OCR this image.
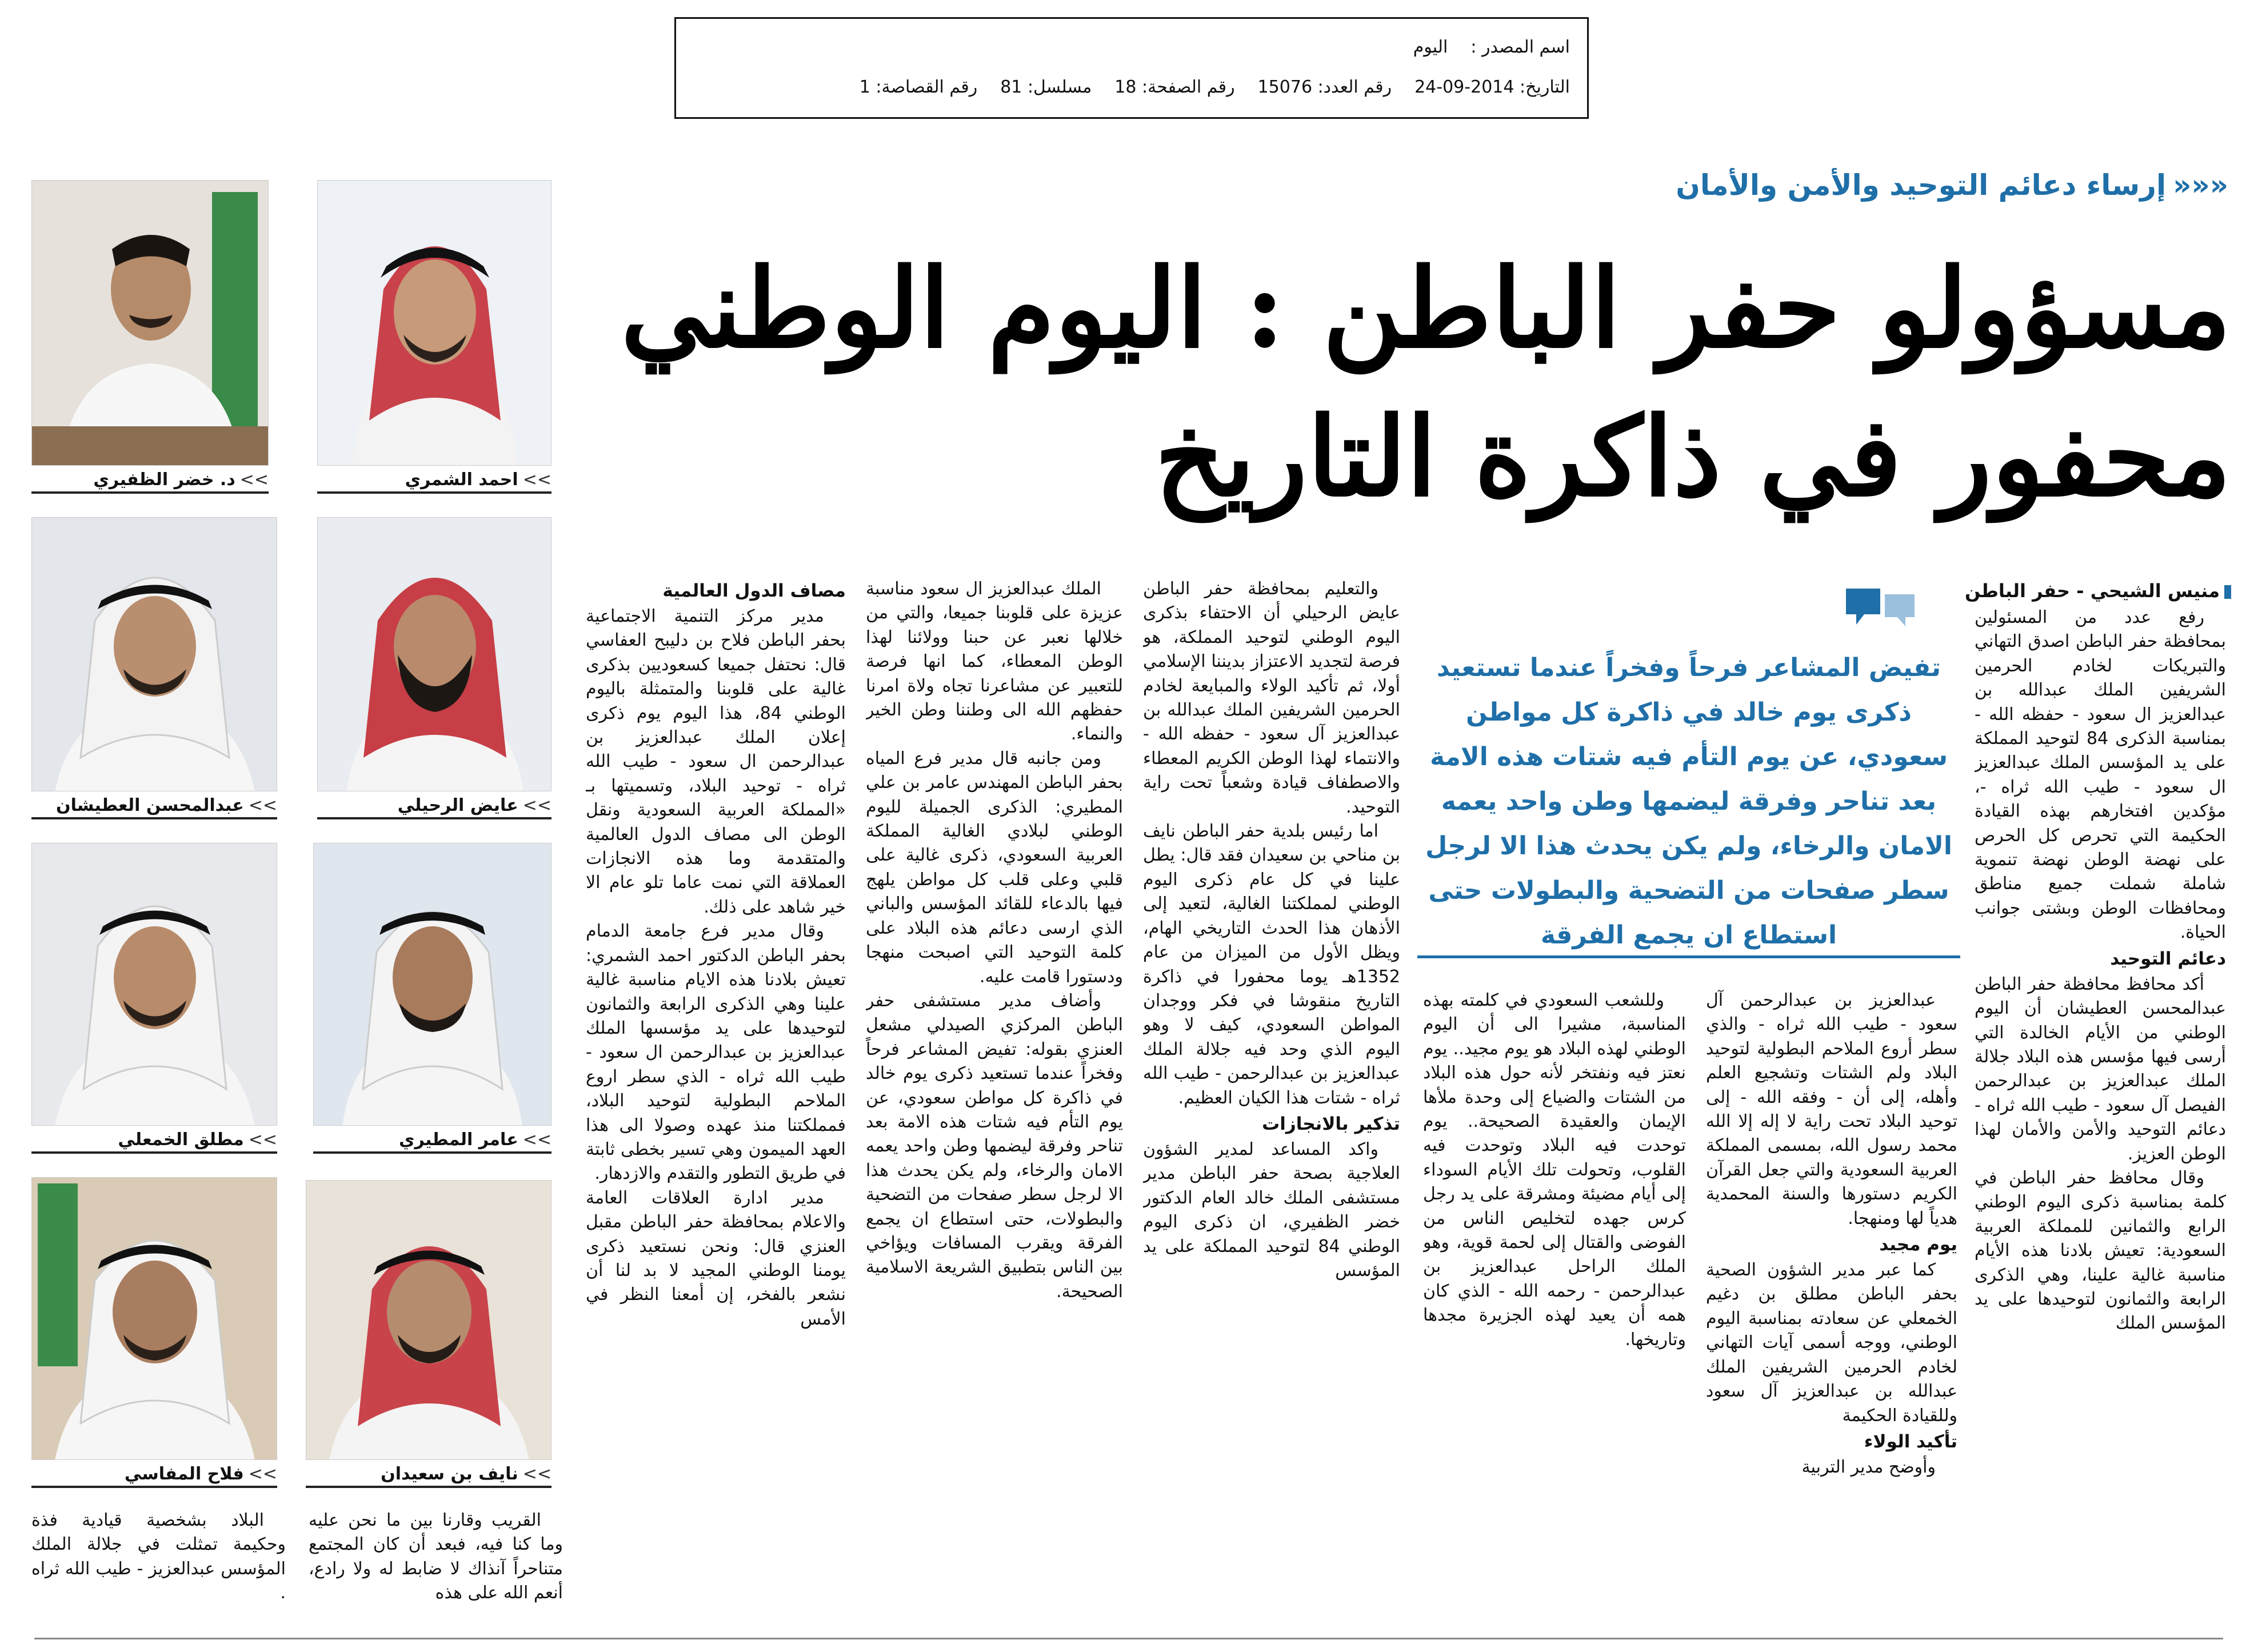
اسم المصدر :
اليوم
التاريخ: 2014-09-24
رقم العدد: 15076
رقم الصفحة: 18
مسلسل: 81
رقم القصاصة: 1
«««إرساء دعائم التوحيد والأمن والأمان
مسؤولو حفر الباطن : اليوم الوطني
محفور في ذاكرة التاريخ
منيس الشيحي - حفر الباطن
تفيض المشاعر فرحاً وفخراً عندما تستعيد ذكرى يوم خالد في ذاكرة كل مواطن سعودي، عن يوم التأم فيه شتات هذه الامة بعد تناحر وفرقة ليضمها وطن واحد يعمه الامان والرخاء، ولم يكن يحدث هذا الا لرجل سطر صفحات من التضحية والبطولات حتى استطاع ان يجمع الفرقة

رفع عدد من المسئولين بمحافظة حفر الباطن اصدق التهاني والتبريكات لخادم الحرمين الشريفين الملك عبدالله بن عبدالعزيز ال سعود - حفظه الله - بمناسبة الذكرى 84 لتوحيد المملكة على يد المؤسس الملك عبدالعزيز ال سعود - طيب الله ثراه -، مؤكدين افتخارهم بهذه القيادة الحكيمة التي تحرص كل الحرص على نهضة الوطن نهضة تنموية شاملة شملت جميع مناطق ومحافظات الوطن وبشتى جوانب الحياة.

دعائم التوحيد

أكد محافظ محافظة حفر الباطن عبدالمحسن العطيشان أن اليوم الوطني من الأيام الخالدة التي أرسى فيها مؤسس هذه البلاد جلالة الملك عبدالعزيز بن عبدالرحمن الفيصل آل سعود - طيب الله ثراه - دعائم التوحيد والأمن والأمان لهذا الوطن العزيز.

وقال محافظ حفر الباطن في كلمة بمناسبة ذكرى اليوم الوطني الرابع والثمانين للمملكة العربية السعودية: تعيش بلادنا هذه الأيام مناسبة غالية علينا، وهي الذكرى الرابعة والثمانون لتوحيدها على يد المؤسس الملك

عبدالعزيز بن عبدالرحمن آل سعود - طيب الله ثراه - والذي سطر أروع الملاحم البطولية لتوحيد البلاد ولم الشتات وتشجيع العلم وأهله، إلى أن - وفقه الله - إلى توحيد البلاد تحت راية لا إله إلا الله محمد رسول الله، بمسمى المملكة العربية السعودية والتي جعل القرآن الكريم دستورها والسنة المحمدية هدياً لها ومنهجا.

يوم مجيد

كما عبر مدير الشؤون الصحية بحفر الباطن مطلق بن دغيم الخمعلي عن سعادته بمناسبة اليوم الوطني، ووجه أسمى آيات التهاني لخادم الحرمين الشريفين الملك عبدالله بن عبدالعزيز آل سعود وللقيادة الحكيمة

تأكيد الولاء

وأوضح مدير التربية

وللشعب السعودي في كلمته بهذه المناسبة، مشيرا الى أن اليوم الوطني لهذه البلاد هو يوم مجيد.. يوم نعتز فيه ونفتخر لأنه حول هذه البلاد من الشتات والضياع إلى وحدة ملأها الإيمان والعقيدة الصحيحة.. يوم توحدت فيه البلاد وتوحدت فيه القلوب، وتحولت تلك الأيام السوداء إلى أيام مضيئة ومشرقة على يد رجل كرس جهده لتخليص الناس من الفوضى والقتال إلى لحمة قوية، وهو الملك الراحل عبدالعزيز بن عبدالرحمن - رحمه الله - الذي كان همه أن يعيد لهذه الجزيرة مجدها وتاريخها.

والتعليم بمحافظة حفر الباطن عايض الرحيلي أن الاحتفاء بذكرى اليوم الوطني لتوحيد المملكة، هو فرصة لتجديد الاعتزاز بديننا الإسلامي أولا، ثم تأكيد الولاء والمبايعة لخادم الحرمين الشريفين الملك عبدالله بن عبدالعزيز آل سعود - حفظه الله - والانتماء لهذا الوطن الكريم المعطاء والاصطفاف قيادة وشعباً تحت راية التوحيد.

اما رئيس بلدية حفر الباطن نايف بن مناحي بن سعيدان فقد قال: يطل علينا في كل عام ذكرى اليوم الوطني لمملكتنا الغالية، لتعيد إلى الأذهان هذا الحدث التاريخي الهام، ويظل الأول من الميزان من عام 1352هـ يوما محفورا في ذاكرة التاريخ منقوشا في فكر ووجدان المواطن السعودي، كيف لا وهو اليوم الذي وحد فيه جلالة الملك عبدالعزيز بن عبدالرحمن - طيب الله ثراه - شتات هذا الكيان العظيم.

تذكير بالانجازات

واكد المساعد لمدير الشؤون العلاجية بصحة حفر الباطن مدير مستشفى الملك خالد العام الدكتور خضر الظفيري، ان ذكرى اليوم الوطني 84 لتوحيد المملكة على يد المؤسس

الملك عبدالعزيز ال سعود مناسبة عزيزة على قلوبنا جميعا، والتي من خلالها نعبر عن حبنا وولائنا لهذا الوطن المعطاء، كما انها فرصة للتعبير عن مشاعرنا تجاه ولاة امرنا حفظهم الله الى وطننا وطن الخير والنماء.

ومن جانبه قال مدير فرع المياه بحفر الباطن المهندس عامر بن علي المطيري: الذكرى الجميلة لليوم الوطني لبلادي الغالية المملكة العربية السعودي، ذكرى غالية على قلبي وعلى قلب كل مواطن يلهج فيها بالدعاء للقائد المؤسس والباني الذي ارسى دعائم هذه البلاد على كلمة التوحيد التي اصبحت منهجا ودستورا قامت عليه.

وأضاف مدير مستشفى حفر الباطن المركزي الصيدلي مشعل العنزي بقوله: تفيض المشاعر فرحاً وفخراً عندما تستعيد ذكرى يوم خالد في ذاكرة كل مواطن سعودي، عن يوم التأم فيه شتات هذه الامة بعد تناحر وفرقة ليضمها وطن واحد يعمه الامان والرخاء، ولم يكن يحدث هذا الا لرجل سطر صفحات من التضحية والبطولات، حتى استطاع ان يجمع الفرقة ويقرب المسافات ويؤاخي بين الناس بتطبيق الشريعة الاسلامية الصحيحة.

مصاف الدول العالمية

مدير مركز التنمية الاجتماعية بحفر الباطن فلاح بن دليبح العفاسي قال: نحتفل جميعا كسعوديين بذكرى غالية على قلوبنا والمتمثلة باليوم الوطني 84، هذا اليوم يوم ذكرى إعلان الملك عبدالعزيز بن عبدالرحمن ال سعود - طيب الله ثراه - توحيد البلاد، وتسميتها بـ «المملكة العربية السعودية ونقل الوطن الى مصاف الدول العالمية والمتقدمة وما هذه الانجازات العملاقة التي نمت عاما تلو عام الا خير شاهد على ذلك.

وقال مدير فرع جامعة الدمام بحفر الباطن الدكتور احمد الشمري: تعيش بلادنا هذه الايام مناسبة غالية علينا وهي الذكرى الرابعة والثمانون لتوحيدها على يد مؤسسها الملك عبدالعزيز بن عبدالرحمن ال سعود - طيب الله ثراه - الذي سطر اروع الملاحم البطولية لتوحيد البلاد، فمملكتنا منذ عهده وصولا الى هذا العهد الميمون وهي تسير بخطى ثابتة في طريق التطور والتقدم والازدهار.

مدير ادارة العلاقات العامة والاعلام بمحافظة حفر الباطن مقبل العنزي قال: ونحن نستعيد ذكرى يومنا الوطني المجيد لا بد لنا أن نشعر بالفخر، إن أمعنا النظر في الأمس

القريب وقارنا بين ما نحن عليه وما كنا فيه، فبعد أن كان المجتمع متناحراً آنذاك لا ضابط له ولا رادع، أنعم الله على هذه

البلاد بشخصية قيادية فذة وحكيمة تمثلت في جلالة الملك المؤسس عبدالعزيز - طيب الله ثراه .

>>احمد الشمري
>>عايض الرحيلي
>>عامر المطيري
>>نايف بن سعيدان
>>د. خضر الظفيري
>>عبدالمحسن العطيشان
>>مطلق الخمعلي
>>فلاح المفاسي
